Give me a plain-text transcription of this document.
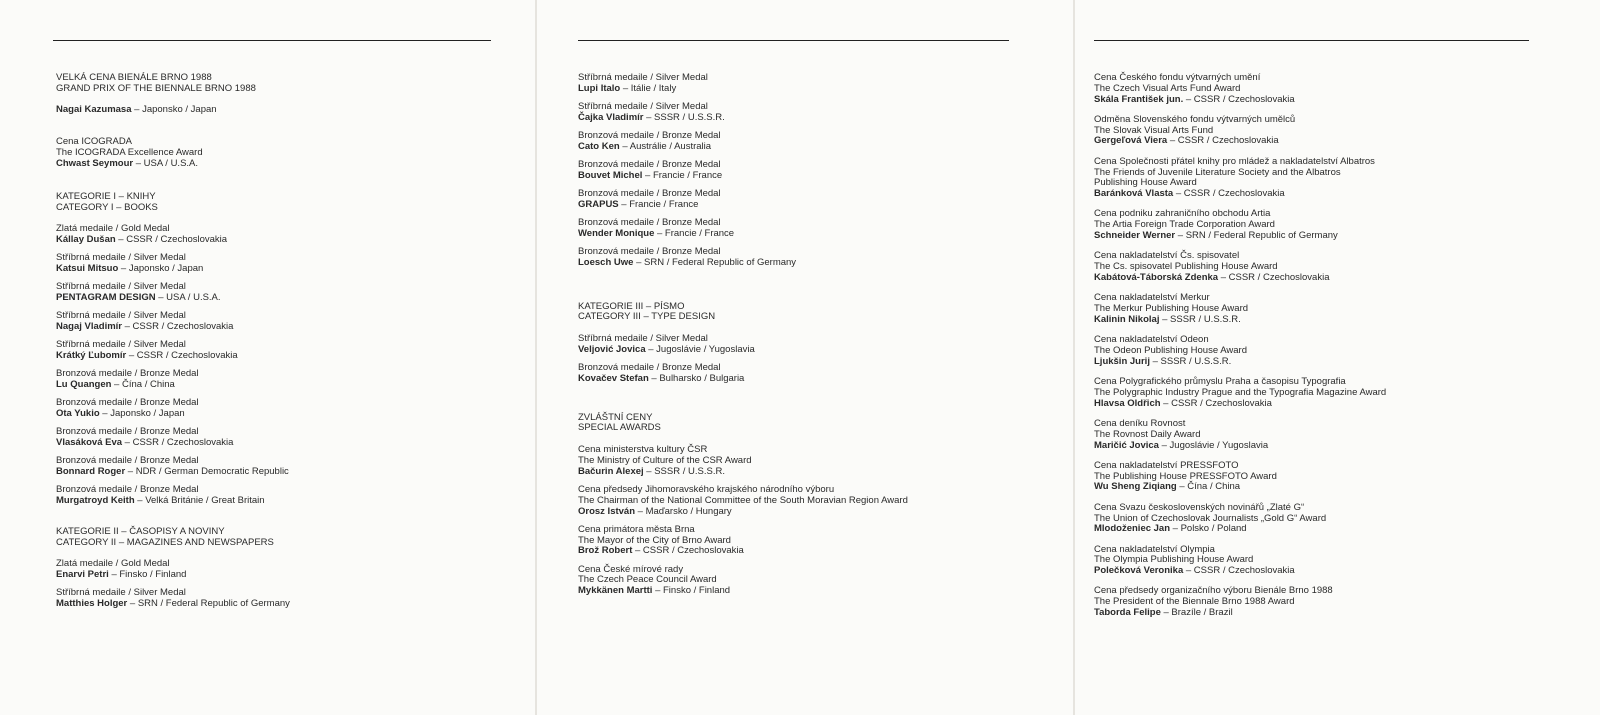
VELKÁ CENA BIENÁLE BRNO 1988
GRAND PRIX OF THE BIENNALE BRNO 1988
Nagai Kazumasa – Japonsko / Japan
Cena ICOGRADA
The ICOGRADA Excellence Award
Chwast Seymour – USA / U.S.A.
KATEGORIE I – KNIHY
CATEGORY I – BOOKS
Zlatá medaile / Gold Medal
Kállay Dušan – CSSR / Czechoslovakia
Stříbrná medaile / Silver Medal
Katsui Mitsuo – Japonsko / Japan
Stříbrná medaile / Silver Medal
PENTAGRAM DESIGN – USA / U.S.A.
Stříbrná medaile / Silver Medal
Nagaj Vladimír – CSSR / Czechoslovakia
Stříbrná medaile / Silver Medal
Krátký Ľubomír – CSSR / Czechoslovakia
Bronzová medaile / Bronze Medal
Lu Quangen – Čína / China
Bronzová medaile / Bronze Medal
Ota Yukio – Japonsko / Japan
Bronzová medaile / Bronze Medal
Vlasáková Eva – CSSR / Czechoslovakia
Bronzová medaile / Bronze Medal
Bonnard Roger – NDR / German Democratic Republic
Bronzová medaile / Bronze Medal
Murgatroyd Keith – Velká Británie / Great Britain
KATEGORIE II – ČASOPISY A NOVINY
CATEGORY II – MAGAZINES AND NEWSPAPERS
Zlatá medaile / Gold Medal
Enarvi Petri – Finsko / Finland
Stříbrná medaile / Silver Medal
Matthies Holger – SRN / Federal Republic of Germany
Stříbrná medaile / Silver Medal
Lupi Italo – Itálie / Italy
Stříbrná medaile / Silver Medal
Čajka Vladimír – SSSR / U.S.S.R.
Bronzová medaile / Bronze Medal
Cato Ken – Austrálie / Australia
Bronzová medaile / Bronze Medal
Bouvet Michel – Francie / France
Bronzová medaile / Bronze Medal
GRAPUS – Francie / France
Bronzová medaile / Bronze Medal
Wender Monique – Francie / France
Bronzová medaile / Bronze Medal
Loesch Uwe – SRN / Federal Republic of Germany
KATEGORIE III – PÍSMO
CATEGORY III – TYPE DESIGN
Stříbrná medaile / Silver Medal
Veljović Jovica – Jugoslávie / Yugoslavia
Bronzová medaile / Bronze Medal
Kovačev Stefan – Bulharsko / Bulgaria
ZVLÁŠTNÍ CENY
SPECIAL AWARDS
Cena ministerstva kultury ČSR
The Ministry of Culture of the CSR Award
Bačurin Alexej – SSSR / U.S.S.R.
Cena předsedy Jihomoravského krajského národního výboru
The Chairman of the National Committee of the South Moravian Region Award
Orosz István – Maďarsko / Hungary
Cena primátora města Brna
The Mayor of the City of Brno Award
Brož Robert – CSSR / Czechoslovakia
Cena České mírové rady
The Czech Peace Council Award
Mykkänen Martti – Finsko / Finland
Cena Českého fondu výtvarných umění
The Czech Visual Arts Fund Award
Skála František jun. – CSSR / Czechoslovakia
Odměna Slovenského fondu výtvarných umělců
The Slovak Visual Arts Fund
Gergeľová Viera – CSSR / Czechoslovakia
Cena Společnosti přátel knihy pro mládež a nakladatelství Albatros
The Friends of Juvenile Literature Society and the Albatros
Publishing House Award
Baránková Vlasta – CSSR / Czechoslovakia
Cena podniku zahraničního obchodu Artia
The Artia Foreign Trade Corporation Award
Schneider Werner – SRN / Federal Republic of Germany
Cena nakladatelství Čs. spisovatel
The Cs. spisovatel Publishing House Award
Kabátová-Táborská Zdenka – CSSR / Czechoslovakia
Cena nakladatelství Merkur
The Merkur Publishing House Award
Kalinin Nikolaj – SSSR / U.S.S.R.
Cena nakladatelství Odeon
The Odeon Publishing House Award
Ljukšin Jurij – SSSR / U.S.S.R.
Cena Polygrafického průmyslu Praha a časopisu Typografia
The Polygraphic Industry Prague and the Typografia Magazine Award
Hlavsa Oldřich – CSSR / Czechoslovakia
Cena deníku Rovnost
The Rovnost Daily Award
Maričić Jovica – Jugoslávie / Yugoslavia
Cena nakladatelství PRESSFOTO
The Publishing House PRESSFOTO Award
Wu Sheng Ziqiang – Čína / China
Cena Svazu československých novinářů „Zlaté G“
The Union of Czechoslovak Journalists „Gold G“ Award
Mlodoženiec Jan – Polsko / Poland
Cena nakladatelství Olympia
The Olympia Publishing House Award
Polečková Veronika – CSSR / Czechoslovakia
Cena předsedy organizačního výboru Bienále Brno 1988
The President of the Biennale Brno 1988 Award
Taborda Felipe – Brazíle / Brazil
